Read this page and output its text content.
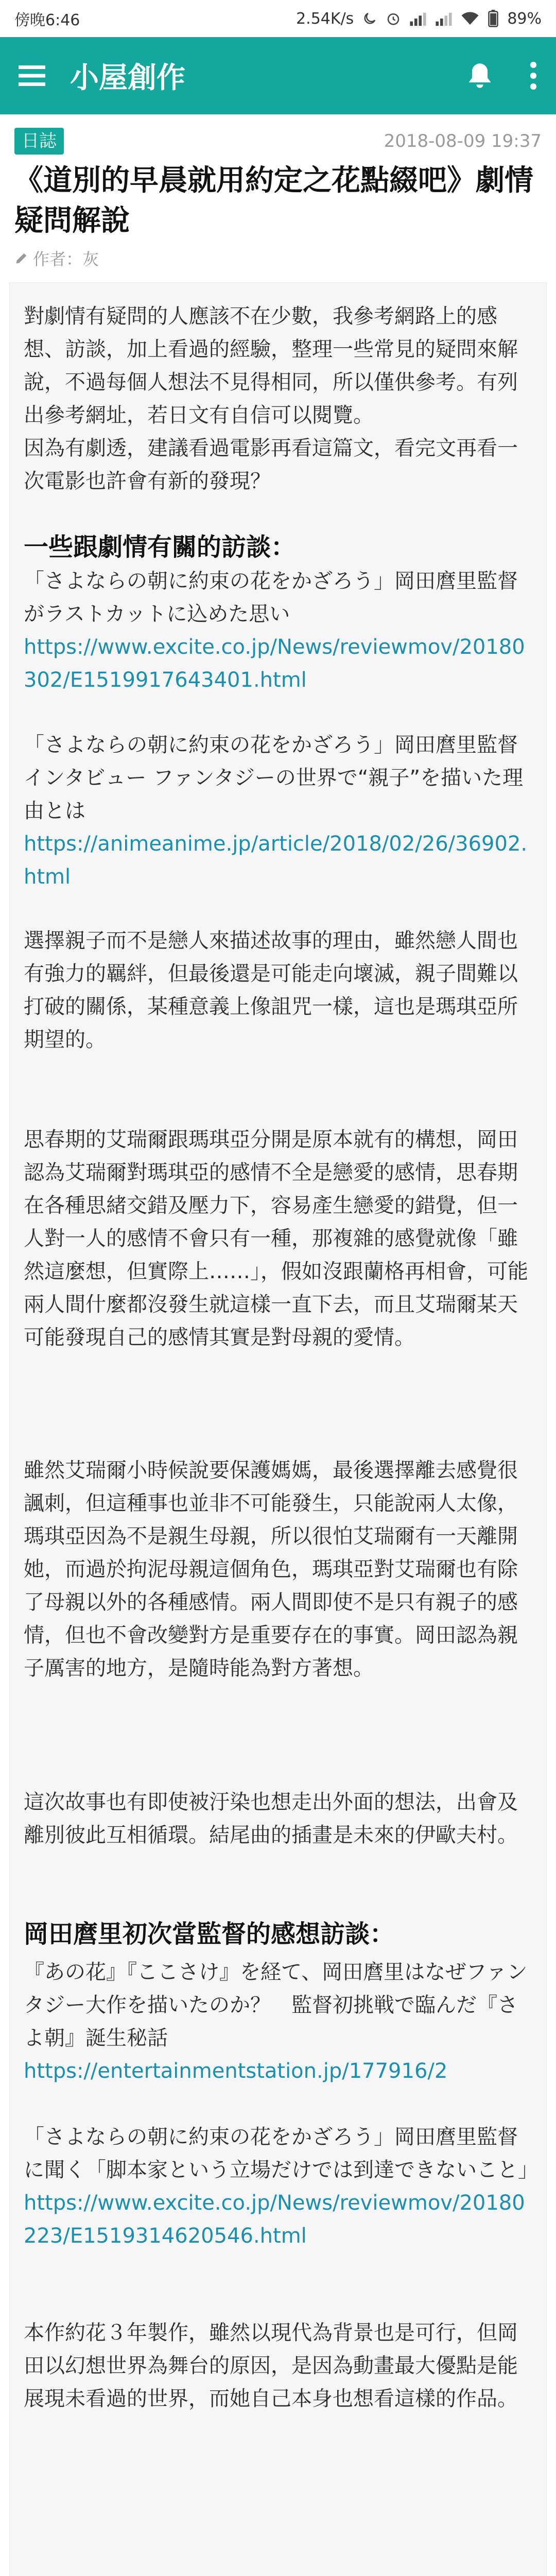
傍晚6:46	2.54K/s	89%
小屋創作
日誌	2018-08-09 19:37
《道別的早晨就用約定之花點綴吧》劇情疑問解說
作者：灰

對劇情有疑問的人應該不在少數，我參考網路上的感想、訪談，加上看過的經驗，整理一些常見的疑問來解說，不過每個人想法不見得相同，所以僅供參考。有列出參考網址，若日文有自信可以閱覽。

因為有劇透，建議看過電影再看這篇文，看完文再看一次電影也許會有新的發現？

一些跟劇情有關的訪談：

「さよならの朝に約束の花をかざろう」岡田麿里監督がラストカットに込めた思い

https://www.excite.co.jp/News/reviewmov/20180302/E1519917643401.html

「さよならの朝に約束の花をかざろう」岡田麿里監督インタビュー ファンタジーの世界で“親子”を描いた理由とは

https://animeanime.jp/article/2018/02/26/36902.html

選擇親子而不是戀人來描述故事的理由，雖然戀人間也有強力的羈絆，但最後還是可能走向壞滅，親子間難以打破的關係，某種意義上像詛咒一樣，這也是瑪琪亞所期望的。

思春期的艾瑞爾跟瑪琪亞分開是原本就有的構想，岡田認為艾瑞爾對瑪琪亞的感情不全是戀愛的感情，思春期在各種思緒交錯及壓力下，容易產生戀愛的錯覺，但一人對一人的感情不會只有一種，那複雜的感覺就像「雖然這麼想，但實際上……」，假如沒跟蘭格再相會，可能兩人間什麼都沒發生就這樣一直下去，而且艾瑞爾某天可能發現自己的感情其實是對母親的愛情。

雖然艾瑞爾小時候說要保護媽媽，最後選擇離去感覺很諷刺，但這種事也並非不可能發生，只能說兩人太像，瑪琪亞因為不是親生母親，所以很怕艾瑞爾有一天離開她，而過於拘泥母親這個角色，瑪琪亞對艾瑞爾也有除了母親以外的各種感情。兩人間即使不是只有親子的感情，但也不會改變對方是重要存在的事實。岡田認為親子厲害的地方，是隨時能為對方著想。

這次故事也有即使被汙染也想走出外面的想法，出會及離別彼此互相循環。結尾曲的插畫是未來的伊歐夫村。

岡田麿里初次當監督的感想訪談：

『あの花』『ここさけ』を経て、岡田麿里はなぜファンタジー大作を描いたのか？　監督初挑戦で臨んだ『さよ朝』誕生秘話

https://entertainmentstation.jp/177916/2

「さよならの朝に約束の花をかざろう」岡田麿里監督に聞く「脚本家という立場だけでは到達できないこと」

https://www.excite.co.jp/News/reviewmov/20180223/E1519314620546.html

本作約花３年製作，雖然以現代為背景也是可行，但岡田以幻想世界為舞台的原因，是因為動畫最大優點是能展現未看過的世界，而她自己本身也想看這樣的作品。
